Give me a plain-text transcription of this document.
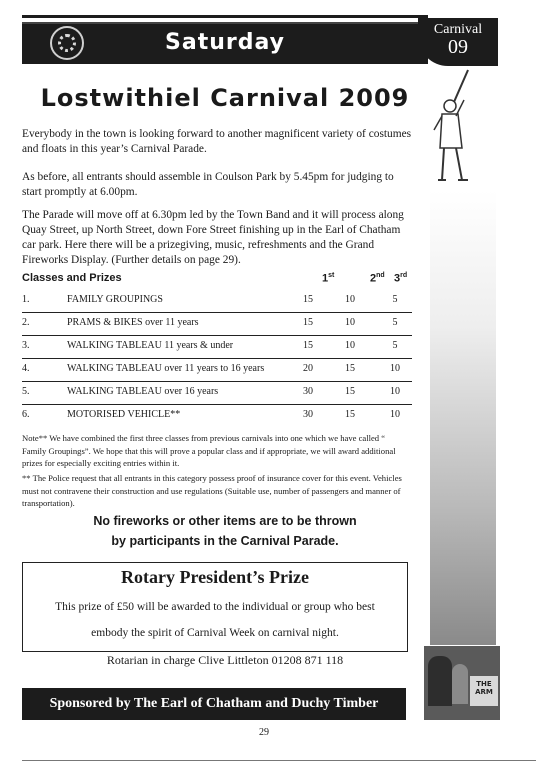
Saturday
Carnival
09
THE ARM
Lostwithiel Carnival 2009
Everybody in the town is looking forward to another magnificent variety of costumes and floats in this year’s Carnival Parade.
As before, all entrants should assemble in Coulson Park by 5.45pm for judging to start promptly at 6.00pm.
The Parade will move off at 6.30pm led by the Town Band and it will process along Quay Street, up North Street, down Fore Street finishing up in the Earl of Chatham car park. Here there will be a prizegiving, music, refreshments and the Grand Fireworks Display. (Further details on page 29).
Classes and Prizes	1st	2nd 3rd
1.	FAMILY GROUPINGS	15	10	5
2.	PRAMS & BIKES over 11 years	15	10	5
3.	WALKING TABLEAU 11 years & under	15	10	5
4.	WALKING TABLEAU over 11 years to 16 years	20	15	10
5.	WALKING TABLEAU over 16 years	30	15	10
6.	MOTORISED VEHICLE**	30	15	10
Note** We have combined the first three classes from previous carnivals into one which we have called “ Family Groupings”. We hope that this will prove a popular class and if appropriate, we will award additional prizes for especially exciting entries within it.
** The Police request that all entrants in this category possess proof of insurance cover for this event. Vehicles must not contravene their construction and use regulations (Suitable use, number of passengers and manner of transportation).
No fireworks or other items are to be thrown
by participants in the Carnival Parade.
Rotary President’s Prize
This prize of £50 will be awarded to the individual or group who best
embody the spirit of Carnival Week on carnival night.
Rotarian in charge Clive Littleton 01208 871 118
Sponsored by The Earl of Chatham and Duchy Timber
29
